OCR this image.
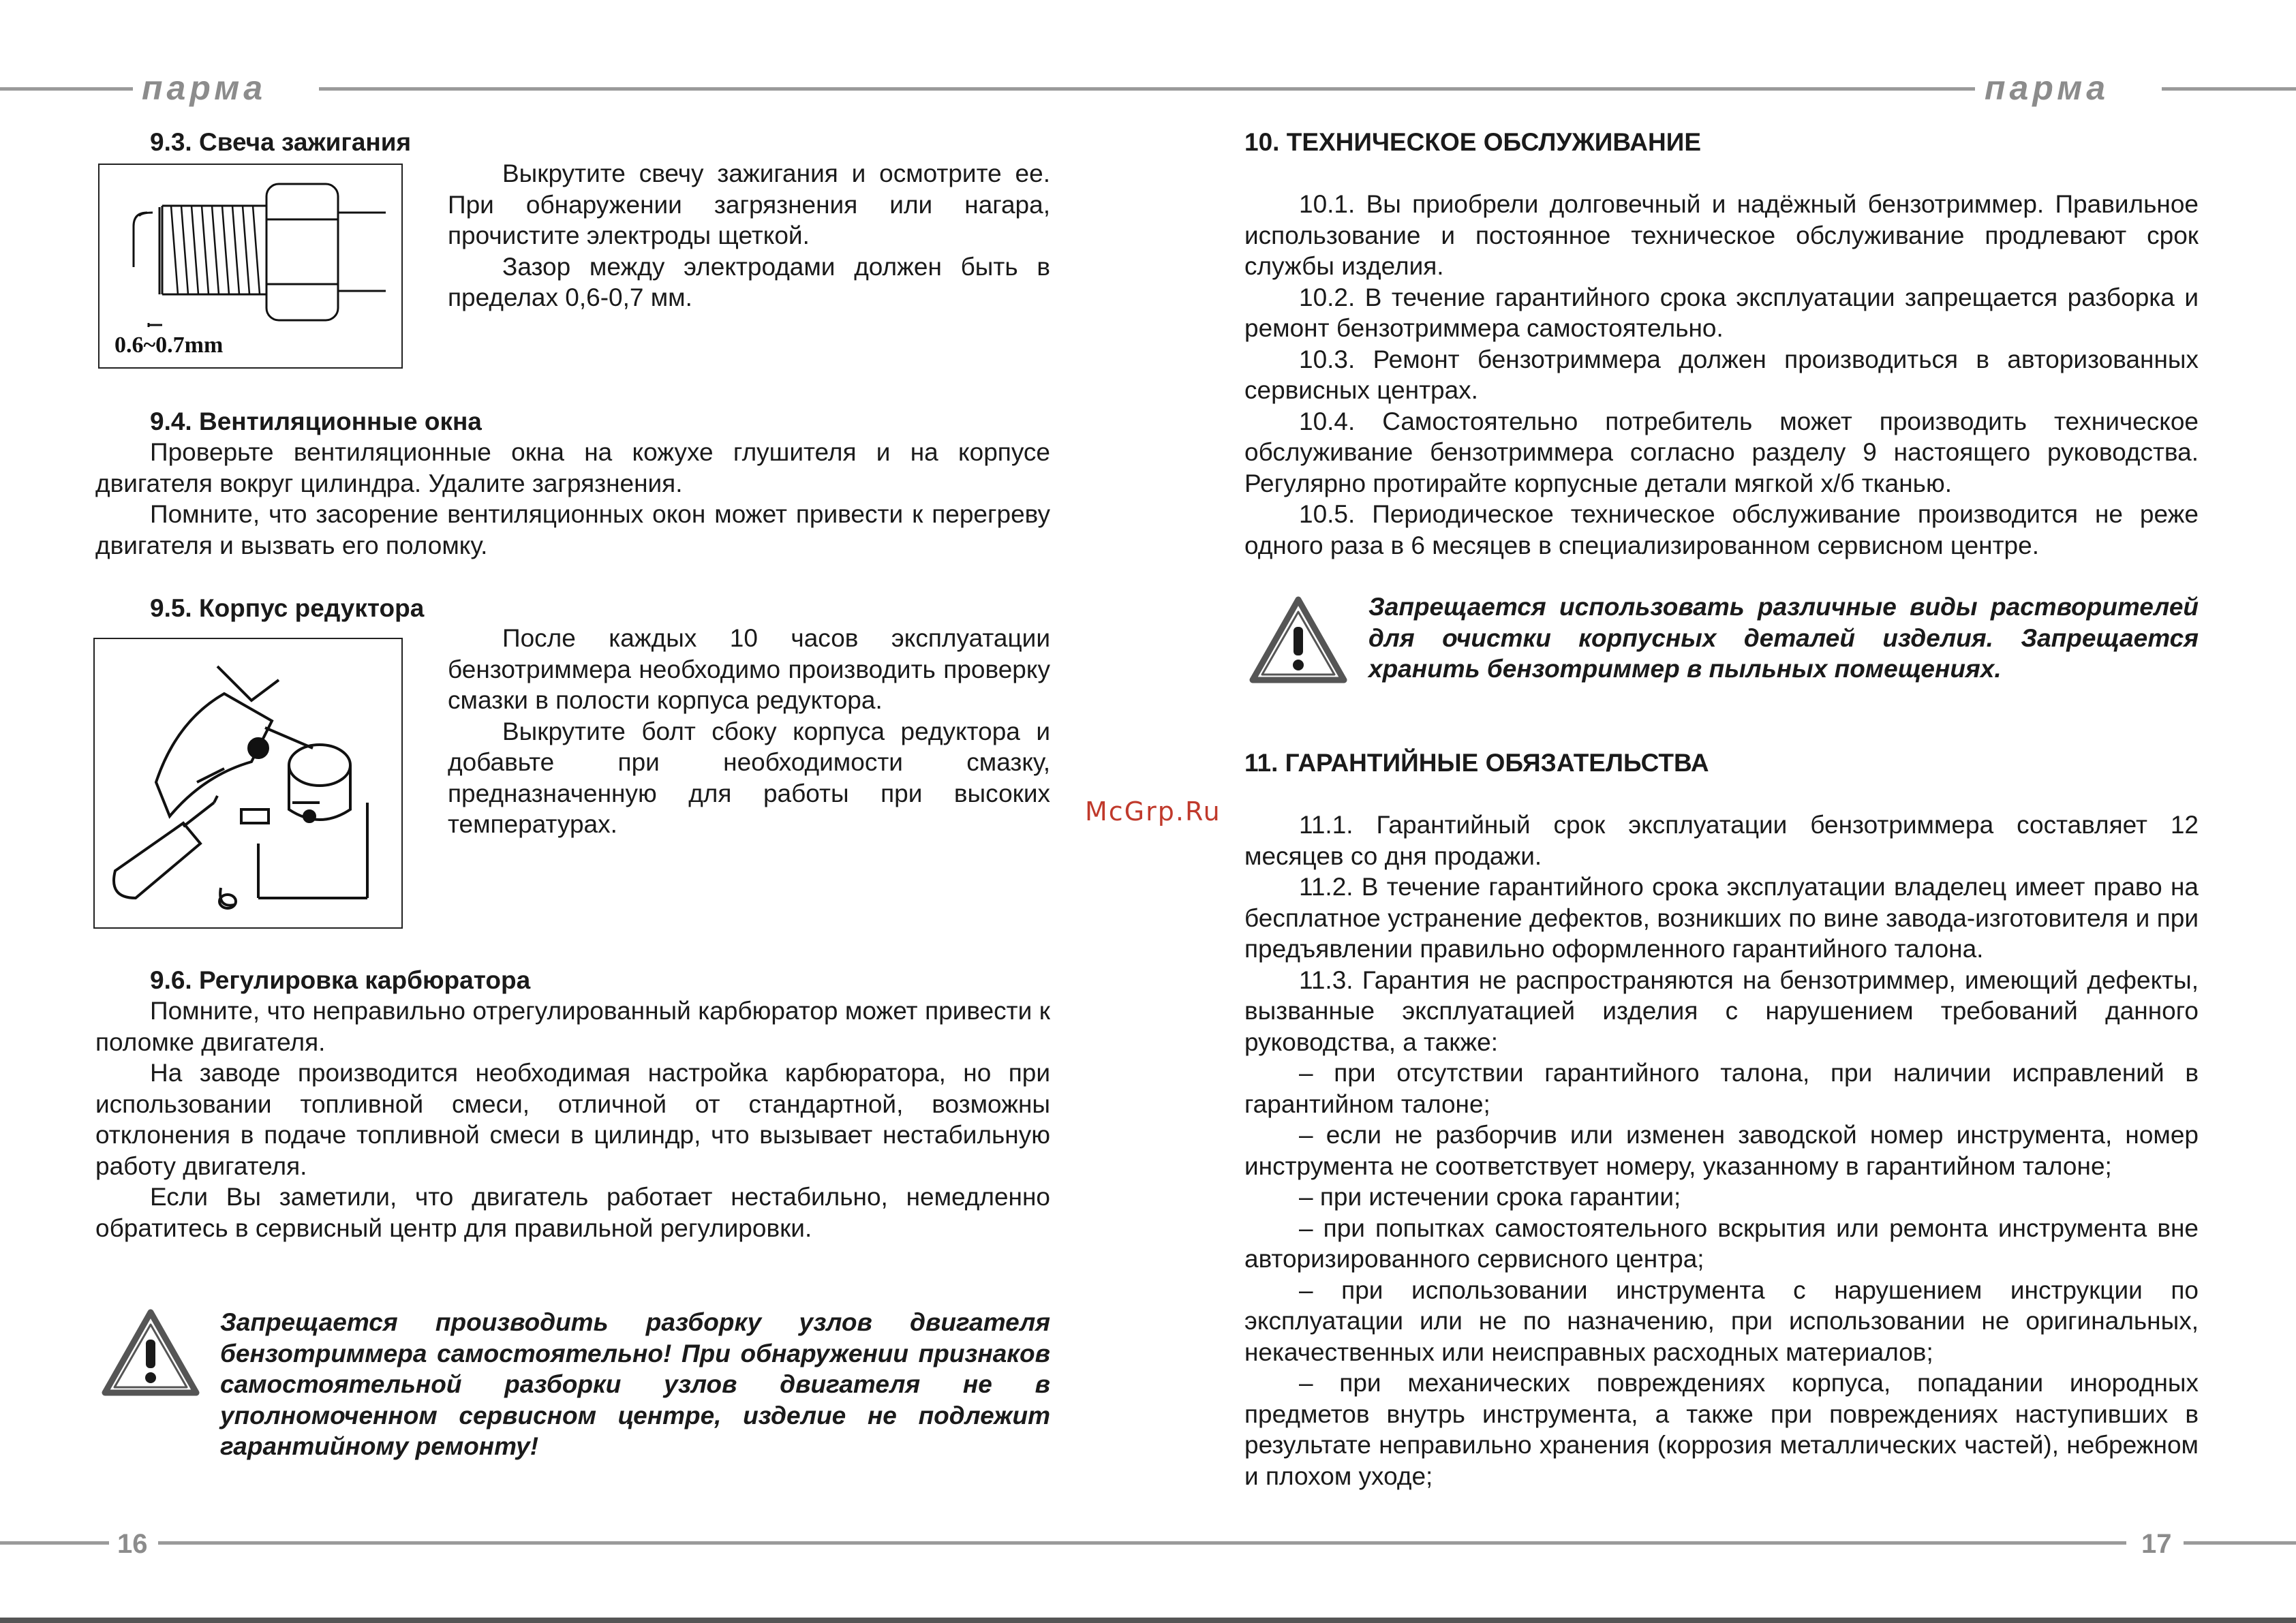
парма	парма
16	17
9.3. Свеча зажигания
0.6~0.7mm

Выкрутите свечу зажигания и осмотрите ее. При обнаружении загрязнения или нагара, прочистите электроды щеткой.

Зазор между электродами должен быть в пределах 0,6-0,7 мм.

9.4. Вентиляционные окна

Проверьте вентиляционные окна на кожухе глушителя и на корпусе двигателя вокруг цилиндра. Удалите загрязнения.

Помните, что засорение вентиляционных окон может привести к перегреву двигателя и вызвать его поломку.

9.5. Корпус редуктора

После каждых 10 часов эксплуатации бензотриммера необходимо производить проверку смазки в полости корпуса редуктора.

Выкрутите болт сбоку корпуса редуктора и добавьте при необходимости смазку, предназначенную для работы при высоких температурах.

9.6. Регулировка карбюратора

Помните, что неправильно отрегулированный карбюратор может привести к поломке двигателя.

На заводе производится необходимая настройка карбюратора, но при использовании топливной смеси, отличной от стандартной, возможны отклонения в подаче топливной смеси в цилиндр, что вызывает нестабильную работу двигателя.

Если Вы заметили, что двигатель работает нестабильно, немедленно обратитесь в сервисный центр для правильной регулировки.

Запрещается производить разборку узлов двигателя бензотриммера самостоятельно! При обнаружении признаков самостоятельной разборки узлов двигателя не в уполномоченном сервисном центре, изделие не подлежит гарантийному ремонту!
McGrp.Ru
10. ТЕХНИЧЕСКОЕ ОБСЛУЖИВАНИЕ

10.1. Вы приобрели долговечный и надёжный бензотриммер. Правильное использование и постоянное техническое обслуживание продлевают срок службы изделия.

10.2. В течение гарантийного срока эксплуатации запрещается разборка и ремонт бензотриммера самостоятельно.

10.3. Ремонт бензотриммера должен производиться в авторизованных сервисных центрах.

10.4. Самостоятельно потребитель может производить техническое обслуживание бензотриммера согласно разделу 9 настоящего руководства. Регулярно протирайте корпусные детали мягкой х/б тканью.

10.5. Периодическое техническое обслуживание производится не реже одного раза в 6 месяцев в специализированном сервисном центре.

Запрещается использовать различные виды растворителей для очистки корпусных деталей изделия. Запрещается хранить бензотриммер в пыльных помещениях.
11. ГАРАНТИЙНЫЕ ОБЯЗАТЕЛЬСТВА

11.1. Гарантийный срок эксплуатации бензотриммера составляет 12 месяцев со дня продажи.

11.2. В течение гарантийного срока эксплуатации владелец имеет право на бесплатное устранение дефектов, возникших по вине завода-изготовителя и при предъявлении правильно оформленного гарантийного талона.

11.3. Гарантия не распространяются на бензотриммер, имеющий дефекты, вызванные эксплуатацией изделия с нарушением требований данного руководства, а также:

– при отсутствии гарантийного талона, при наличии исправлений в гарантийном талоне;

– если не разборчив или изменен заводской номер инструмента, номер инструмента не соответствует номеру, указанному в гарантийном талоне;

– при истечении срока гарантии;

– при попытках самостоятельного вскрытия или ремонта инструмента вне авторизированного сервисного центра;

– при использовании инструмента с нарушением инструкции по эксплуатации или не по назначению, при использовании не оригинальных, некачественных или неисправных расходных материалов;

– при механических повреждениях корпуса, попадании инородных предметов внутрь инструмента, а также при повреждениях наступивших в результате неправильно хранения (коррозия металлических частей), небрежном и плохом уходе;
